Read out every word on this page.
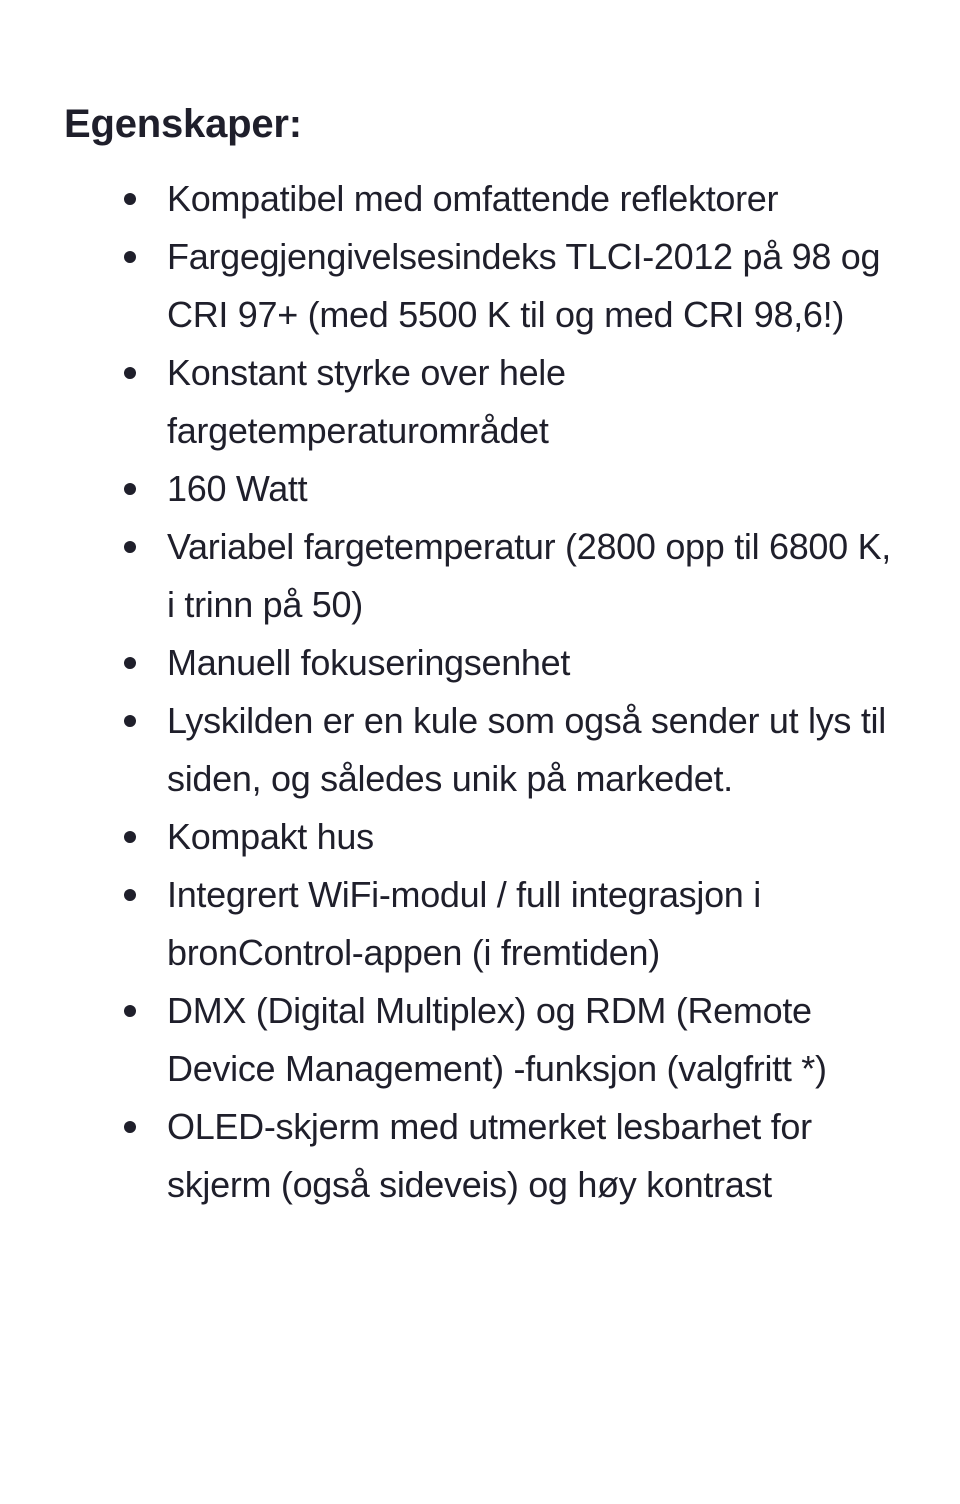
Egenskaper:
Kompatibel med omfattende reflektorer
Fargegjengivelsesindeks TLCI-2012 på 98 og CRI 97+ (med 5500 K til og med CRI 98,6!)
Konstant styrke over hele fargetemperaturområdet
160 Watt
Variabel fargetemperatur (2800 opp til 6800 K, i trinn på 50)
Manuell fokuseringsenhet
Lyskilden er en kule som også sender ut lys til siden, og således unik på markedet.
Kompakt hus
Integrert WiFi-modul / full integrasjon i bronControl-appen (i fremtiden)
DMX (Digital Multiplex) og RDM (Remote Device Management) -funksjon (valgfritt *)
OLED-skjerm med utmerket lesbarhet for skjerm (også sideveis) og høy kontrast
